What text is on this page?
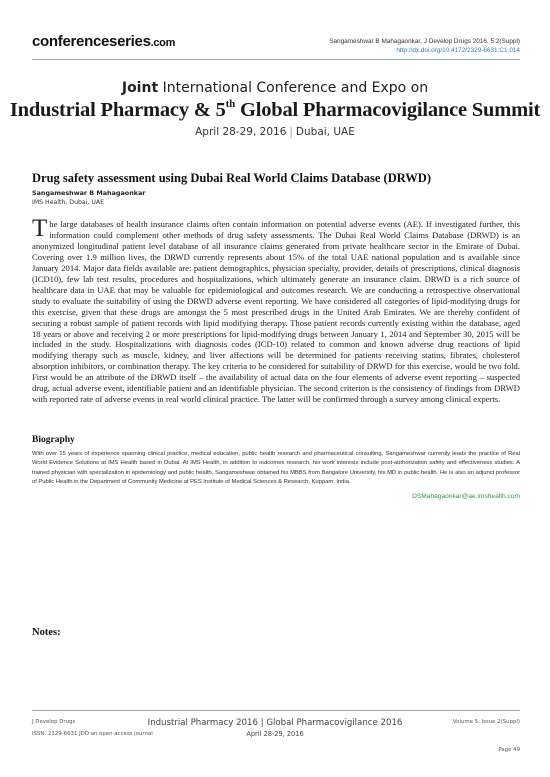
conferenceseries.com	Sangameshwar B Mahagaonkar, J Develop Drugs 2016, 5:2(Suppl)
http://dx.doi.org/10.4172/2329-6631.C1.014
Joint International Conference and Expo on
Industrial Pharmacy & 5th Global Pharmacovigilance Summit
April 28-29, 2016 | Dubai, UAE
Drug safety assessment using Dubai Real World Claims Database (DRWD)
Sangameshwar B Mahagaonkar
IMS Health, Dubai, UAE
The large databases of health insurance claims often contain information on potential adverse events (AE). If investigated further, this information could complement other methods of drug safety assessments. The Dubai Real World Claims Database (DRWD) is an anonymized longitudinal patient level database of all insurance claims generated from private healthcare sector in the Emirate of Dubai. Covering over 1.9 million lives, the DRWD currently represents about 15% of the total UAE national population and is available since January 2014. Major data fields available are: patient demographics, physician specialty, provider, details of prescriptions, clinical diagnosis (ICD10), few lab test results, procedures and hospitalizations, which ultimately generate an insurance claim. DRWD is a rich source of healthcare data in UAE that may be valuable for epidemiological and outcomes research. We are conducting a retrospective observational study to evaluate the suitability of using the DRWD adverse event reporting. We have considered all categories of lipid-modifying drugs for this exercise, given that these drugs are amongst the 5 most prescribed drugs in the United Arab Emirates. We are thereby confident of securing a robust sample of patient records with lipid modifying therapy. Those patient records currently existing within the database, aged 18 years or above and receiving 2 or more prescriptions for lipid-modifying drugs between January 1, 2014 and September 30, 2015 will be included in the study. Hospitalizations with diagnosis codes (ICD-10) related to common and known adverse drug reactions of lipid modifying therapy such as muscle, kidney, and liver affections will be determined for patients receiving statins, fibrates, cholesterol absorption inhibitors, or combination therapy. The key criteria to be considered for suitability of DRWD for this exercise, would be two fold. First would be an attribute of the DRWD itself – the availability of actual data on the four elements of adverse event reporting – suspected drug, actual adverse event, identifiable patient and an identifiable physician. The second criterion is the consistency of findings from DRWD with reported rate of adverse events in real world clinical practice. The latter will be confirmed through a survey among clinical experts.
Biography
With over 15 years of experience spanning clinical practice, medical education, public health research and pharmaceutical consulting, Sangameshwar currently leads the practice of Real World Evidence Solutions at IMS Health based in Dubai. At IMS Health, in addition to outcomes research, his work interests include post-authorization safety and effectiveness studies. A trained physician with specialization in epidemiology and public health, Sangameshwar obtained his MBBS from Bangalore University, his MD in public health. He is also an adjunct professor of Public Health in the Department of Community Medicine at PES Institute of Medical Sciences & Research, Kuppam, India.
DSMahagaonkar@ae.imshealth.com
Notes:
J Develop Drugs
ISSN: 2329-6631 JDD an open access journal
Industrial Pharmacy 2016 | Global Pharmacovigilance 2016
April 28-29, 2016
Volume 5, Issue 2(Suppl)
Page 49
